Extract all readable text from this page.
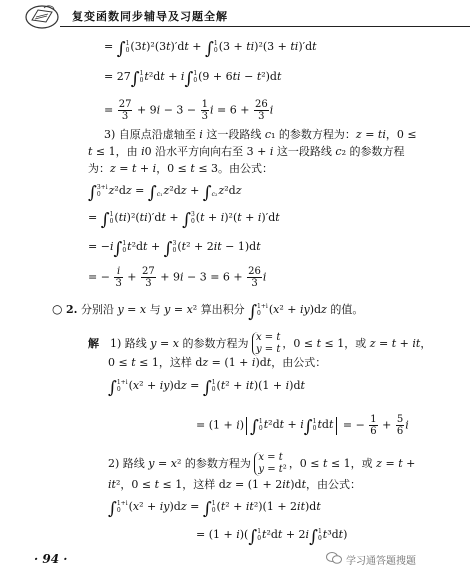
复变函数同步辅导及习题全解
= ∫ 1
0 (3t)²(3t)′dt + ∫ 1
0 (3 + ti)²(3 + ti)′dt
= 27∫ 1
0 t²dt + i∫ 1
0 (9 + 6ti − t²)dt
= $\frac{27}{3} + 9i - 3 - \frac{1}{3}$ $i = 6 + \frac{26}{3}$ i
3) 自原点沿虚轴至 i 这一段路线 c₁ 的参数方程为：z = ti，0 ≤
t ≤ 1，由 i0 沿水平方向向右至 3 + i 这一段路线 c₂ 的参数方程
为：z = t + i，0 ≤ t ≤ 3。由公式：
∫ 3+i
0 z²dz = ∫
c₁ z²dz + ∫
c₂ z²dz
= ∫ 1
0 (ti)²(ti)′dt + ∫ 3
0 (t + i)²(t + i)′dt
= −i∫ 1
0 t²dt + ∫ 3
0 (t² + 2it − 1)dt
= − $\frac{i}{3} + \frac{27}{3} + 9i - 3 = 6 + \frac{26}{3}$ i
○ 2. 分别沿 y = x 与 y = x² 算出积分 ∫ 1+i
0 (x² + iy)dz 的值。
解　1) 路线 y = x 的参数方程为 x = t
y = t ，0 ≤ t ≤ 1，或 z = t + it，
0 ≤ t ≤ 1，这样 dz = (1 + i)dt，由公式：
∫ 1+i
0 (x² + iy)dz = ∫ 1
0 (t² + it)(1 + i)dt
= (1 + i) ∫ 1
0 t²dt + i∫ 1
0 tdt = − $\frac{1}{6} + \frac{5}{6}$ i
2) 路线 y = x² 的参数方程为 x = t
y = t² ，0 ≤ t ≤ 1，或 z = t +
it²，0 ≤ t ≤ 1，这样 dz = (1 + 2it)dt，由公式：
∫ 1+i
0 (x² + iy)dz = ∫ 1
0 (t² + it²)(1 + 2it)dt
= (1 + i)(∫ 1
0 t²dt + 2i∫ 1
0 t³dt)
· 94 ·	学习通答题搜题
